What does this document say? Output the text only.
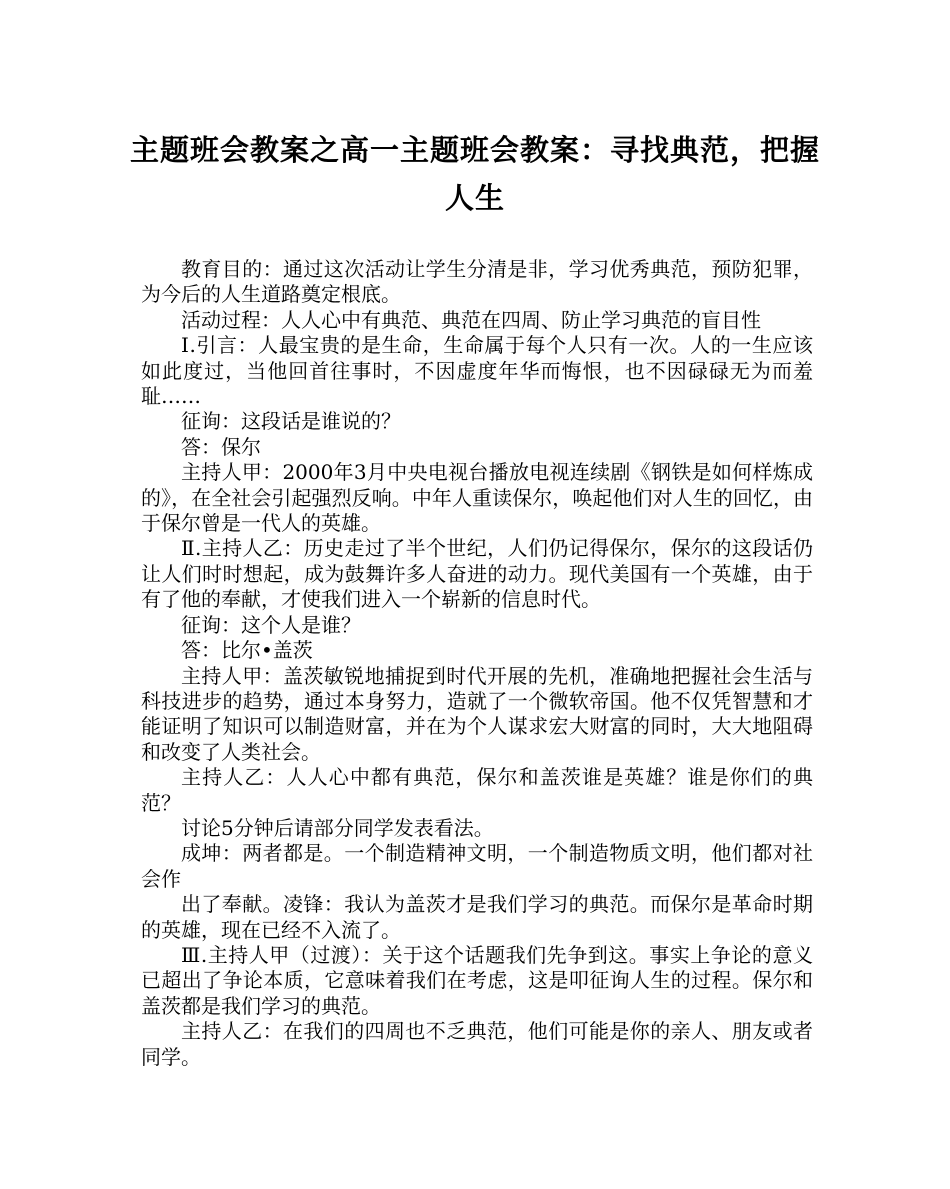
主题班会教案之高一主题班会教案：寻找典范，把握人生

教育目的：通过这次活动让学生分清是非，学习优秀典范，预防犯罪，为今后的人生道路奠定根底。

活动过程：人人心中有典范、典范在四周、防止学习典范的盲目性

Ⅰ.引言：人最宝贵的是生命，生命属于每个人只有一次。人的一生应该如此度过，当他回首往事时，不因虚度年华而悔恨，也不因碌碌无为而羞耻……

征询：这段话是谁说的？

答：保尔

主持人甲：2000年3月中央电视台播放电视连续剧《钢铁是如何样炼成的》，在全社会引起强烈反响。中年人重读保尔，唤起他们对人生的回忆，由于保尔曾是一代人的英雄。

Ⅱ.主持人乙：历史走过了半个世纪，人们仍记得保尔，保尔的这段话仍让人们时时想起，成为鼓舞许多人奋进的动力。现代美国有一个英雄，由于有了他的奉献，才使我们进入一个崭新的信息时代。

征询：这个人是谁？

答：比尔•盖茨

主持人甲：盖茨敏锐地捕捉到时代开展的先机，准确地把握社会生活与科技进步的趋势，通过本身努力，造就了一个微软帝国。他不仅凭智慧和才能证明了知识可以制造财富，并在为个人谋求宏大财富的同时，大大地阻碍和改变了人类社会。

主持人乙：人人心中都有典范，保尔和盖茨谁是英雄？谁是你们的典范？

讨论5分钟后请部分同学发表看法。

成坤：两者都是。一个制造精神文明，一个制造物质文明，他们都对社会作

出了奉献。凌锋：我认为盖茨才是我们学习的典范。而保尔是革命时期的英雄，现在已经不入流了。

Ⅲ.主持人甲（过渡）：关于这个话题我们先争到这。事实上争论的意义已超出了争论本质，它意味着我们在考虑，这是叩征询人生的过程。保尔和盖茨都是我们学习的典范。

主持人乙：在我们的四周也不乏典范，他们可能是你的亲人、朋友或者同学。
